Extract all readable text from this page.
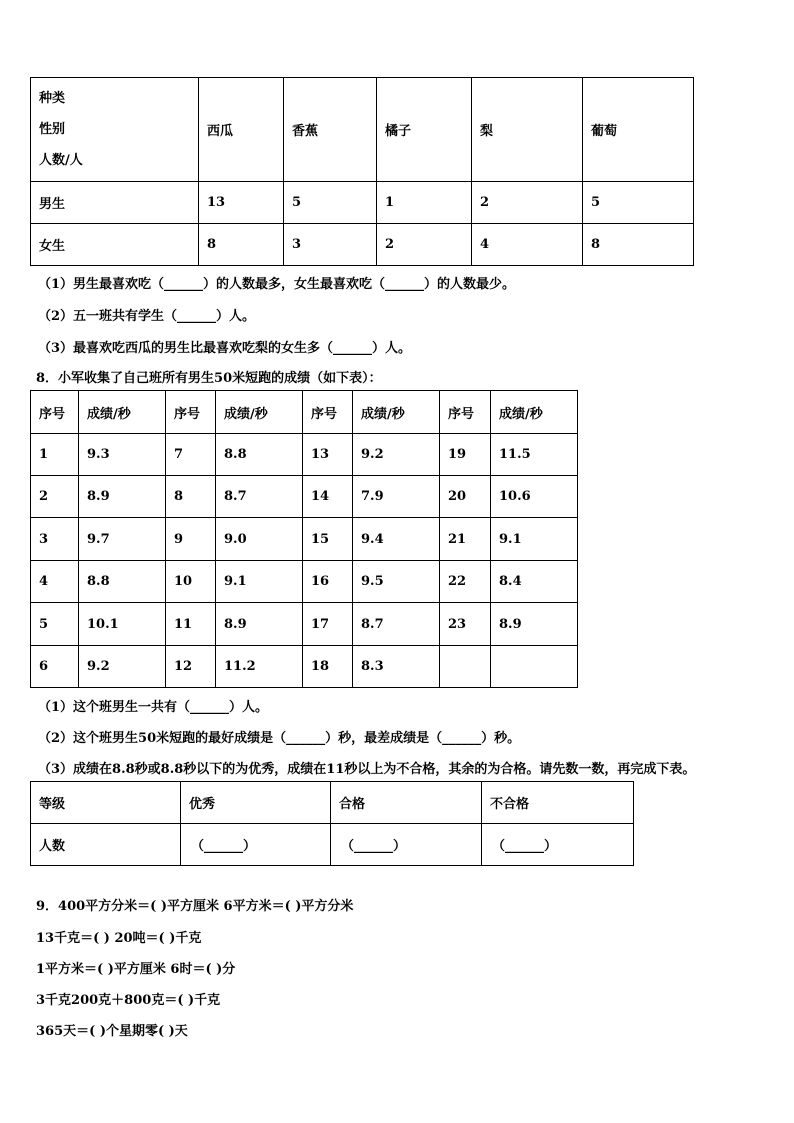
种类
性别
人数/人	西瓜	香蕉	橘子	梨	葡萄
男生	13	5	1	2	5
女生	8	3	2	4	8
（1）男生最喜欢吃（______）的人数最多，女生最喜欢吃（______）的人数最少。
（2）五一班共有学生（______）人。
（3）最喜欢吃西瓜的男生比最喜欢吃梨的女生多（______）人。
8．小军收集了自己班所有男生50米短跑的成绩（如下表）：
序号	成绩/秒	序号	成绩/秒	序号	成绩/秒	序号	成绩/秒
1	9.3	7	8.8	13	9.2	19	11.5
2	8.9	8	8.7	14	7.9	20	10.6
3	9.7	9	9.0	15	9.4	21	9.1
4	8.8	10	9.1	16	9.5	22	8.4
5	10.1	11	8.9	17	8.7	23	8.9
6	9.2	12	11.2	18	8.3		
（1）这个班男生一共有（______）人。
（2）这个班男生50米短跑的最好成绩是（______）秒，最差成绩是（______）秒。
（3）成绩在8.8秒或8.8秒以下的为优秀，成绩在11秒以上为不合格，其余的为合格。请先数一数，再完成下表。
等级	优秀	合格	不合格
人数	（______）	（______）	（______）
9．400平方分米＝( )平方厘米 6平方米＝( )平方分米
13千克＝( ) 20吨＝( )千克
1平方米＝( )平方厘米 6时＝( )分
3千克200克＋800克＝( )千克
365天＝( )个星期零( )天
